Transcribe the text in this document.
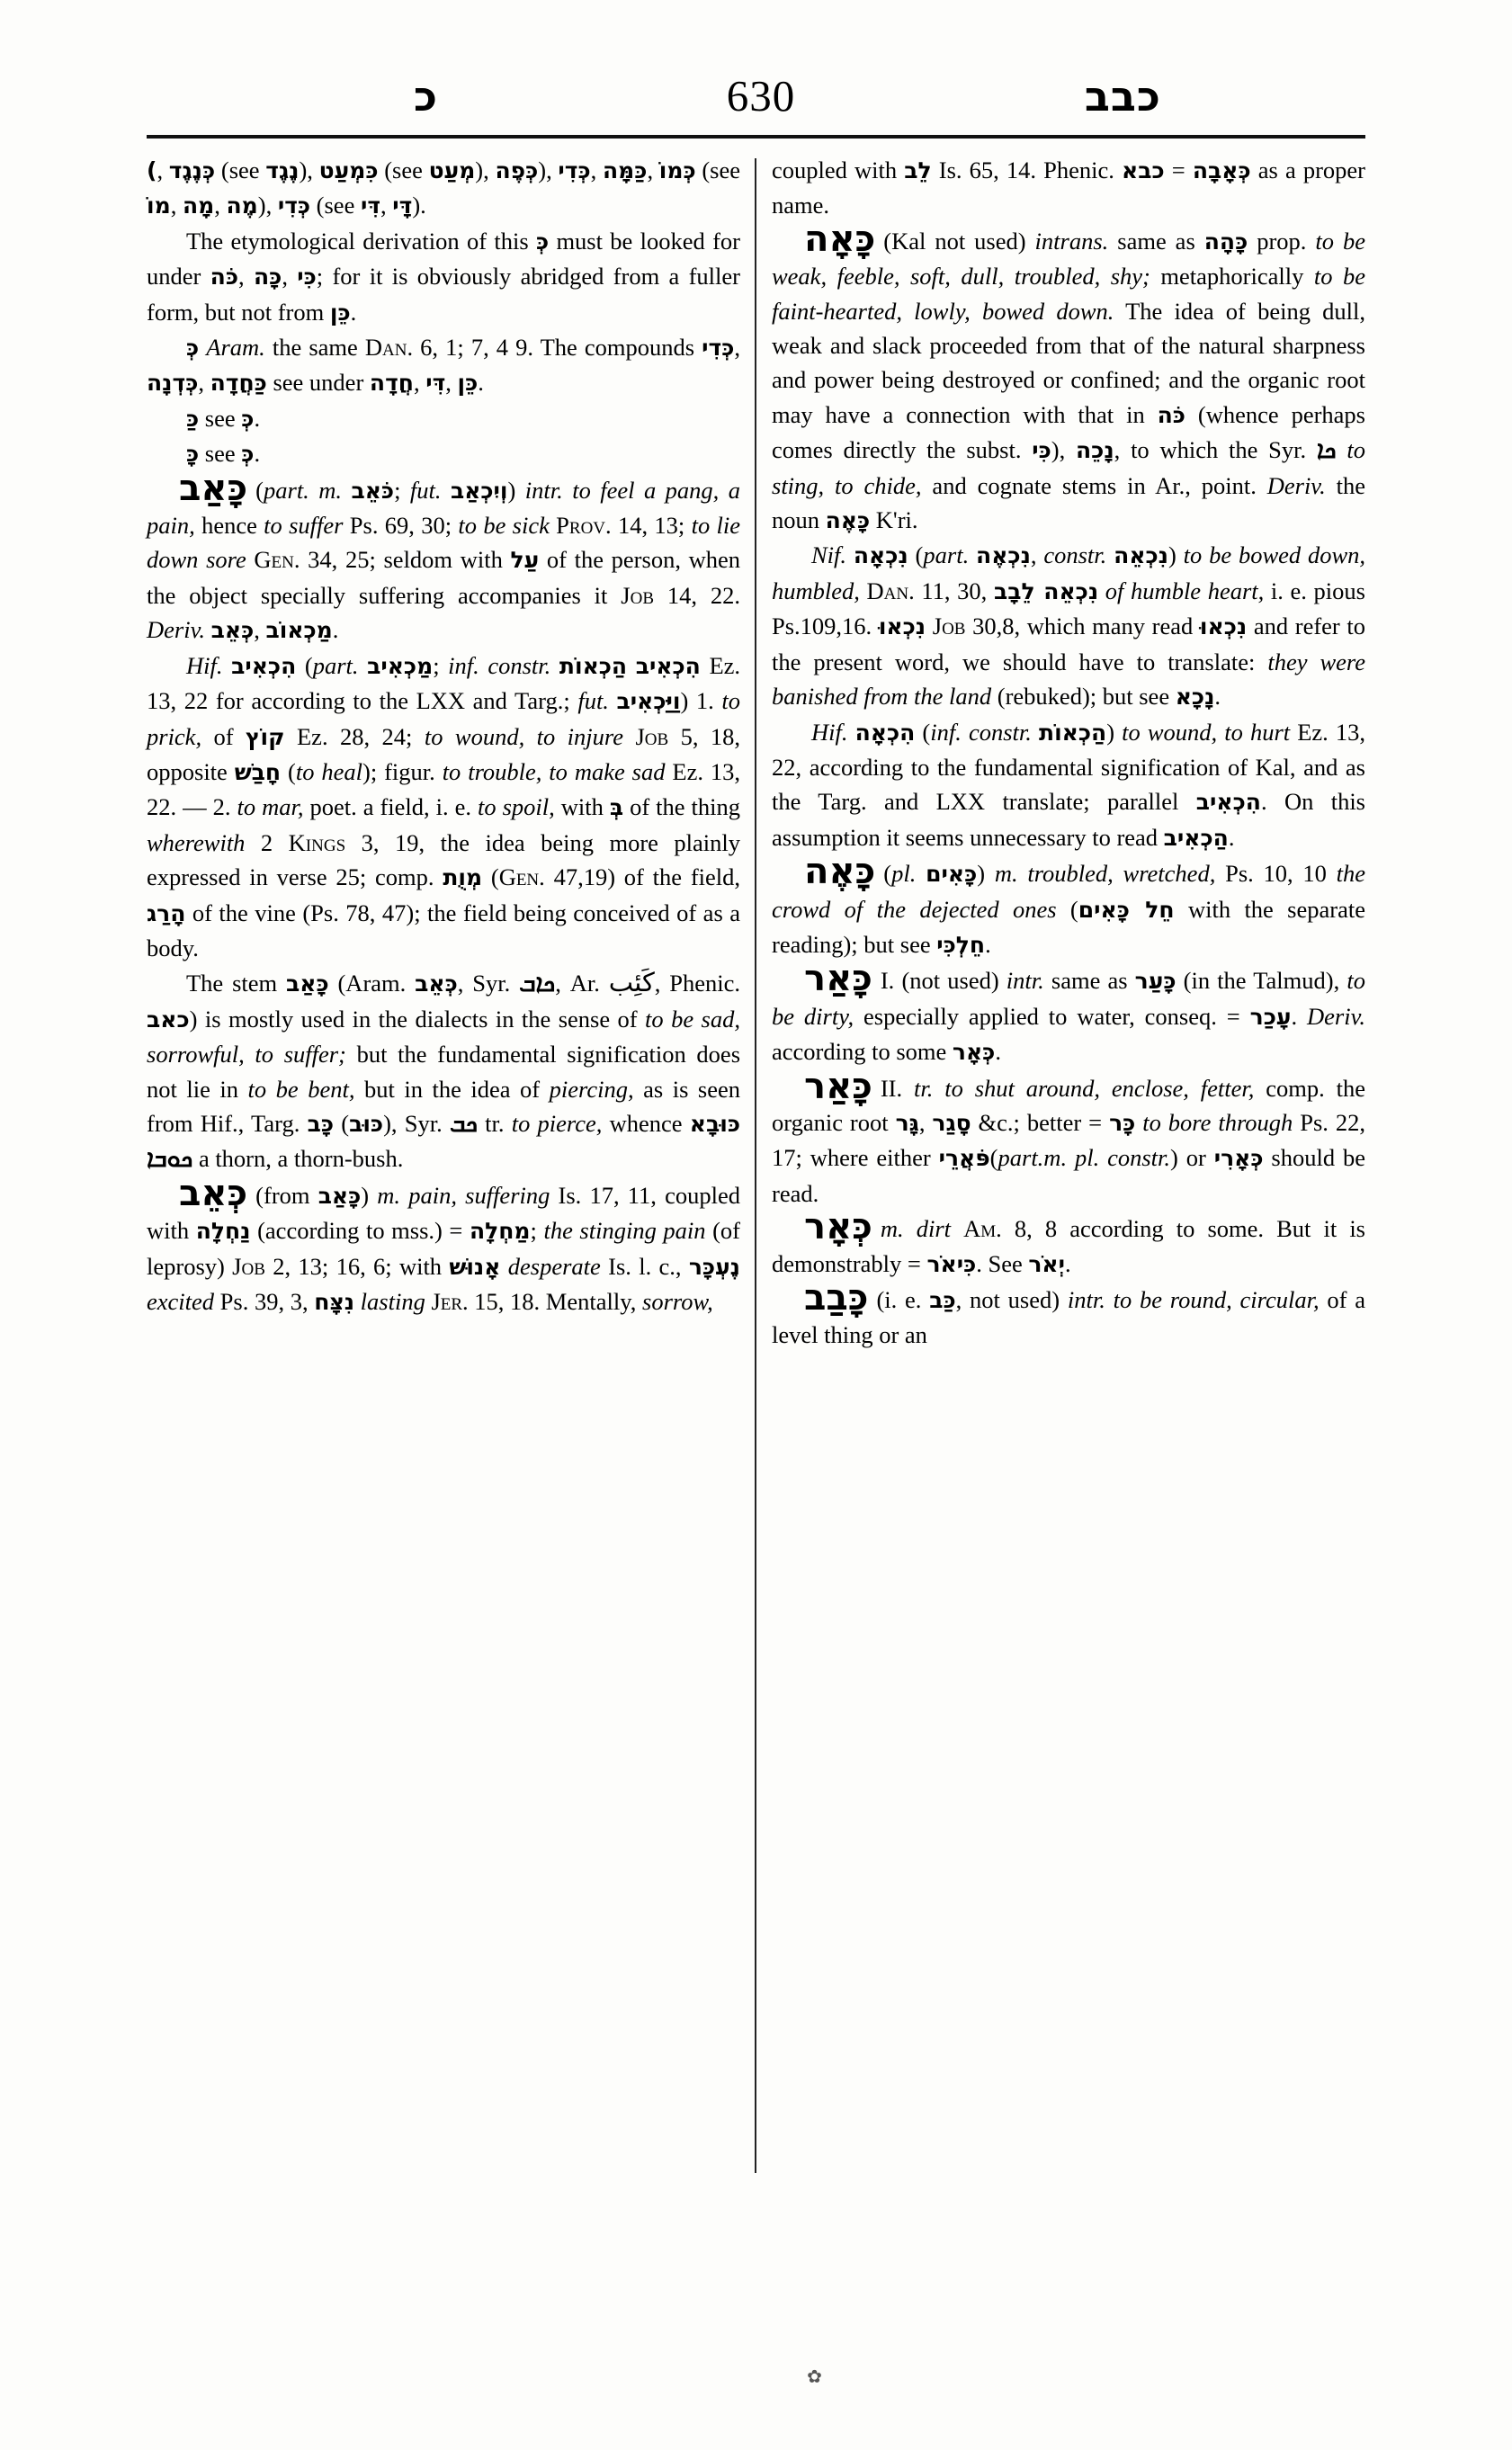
כ	630	כבב

), כְּנֶגֶד (see נֶגֶד), כִּמְעַט (see מְעַט), כְּפֶה), כְּדִי, כַּמָּה, כְּמוֹ (see מוֹ, מָה, מֶה), כְּדִי (see דִּי, דָּי).

The etymological derivation of this כְּ must be looked for under כֹּה, כָּה, כִּי; for it is obviously abridged from a fuller form, but not from כֵּן.

כְּ Aram. the same Dan. 6, 1; 7, 4 9. The compounds כְּדִי, כְּדְנָה, כַּחֲדָה see under חֲדָה, דִּי, כֵּן.

כַּ see כְּ.

כָּ see כְּ.

כָּאַב (part. m. כֹּאֵב; fut. וְיִכְאַב) intr. to feel a pang, a pain, hence to suffer Ps. 69, 30; to be sick Prov. 14, 13; to lie down sore Gen. 34, 25; seldom with עַל of the person, when the object specially suffering accompanies it Job 14, 22. Deriv. כְּאֵב, מַכְאוֹב.

Hif. הִכְאִיב (part. מַכְאִיב; inf. constr. הַכְאוֹת הִכְאִיב Ez. 13, 22 for according to the LXX and Targ.; fut. וַיַּכְאִיב) 1. to prick, of קוֹץ Ez. 28, 24; to wound, to injure Job 5, 18, opposite חָבַשׁ (to heal); figur. to trouble, to make sad Ez. 13, 22. — 2. to mar, poet. a field, i. e. to spoil, with בְּ of the thing wherewith 2 Kings 3, 19, the idea being more plainly expressed in verse 25; comp. מְוֻת (Gen. 47,19) of the field, הָרַג of the vine (Ps. 78, 47); the field being conceived of as a body.

The stem כָּאַב (Aram. כְּאֵב, Syr. ܟܐܒ, Ar. كَئِب, Phenic. כאב) is mostly used in the dialects in the sense of to be sad, sorrowful, to suffer; but the fundamental signification does not lie in to be bent, but in the idea of piercing, as is seen from Hif., Targ. כָּב (כּוּב), Syr. ܟܒ tr. to pierce, whence כּוּבָא ܟܘܒܐ a thorn, a thorn-bush.

כְּאֵב (from כָּאַב) m. pain, suffering Is. 17, 11, coupled with נַחְלָה (according to mss.) = מַחְלָה; the stinging pain (of leprosy) Job 2, 13; 16, 6; with אָנוּשׁ desperate Is. l. c., נֶעְכָּר excited Ps. 39, 3, נִצָּח lasting Jer. 15, 18. Mentally, sorrow,

coupled with לֵב Is. 65, 14. Phenic. כבא = כְּאָבָה as a proper name.

כָּאָה (Kal not used) intrans. same as כָּהָה prop. to be weak, feeble, soft, dull, troubled, shy; metaphorically to be faint-hearted, lowly, bowed down. The idea of being dull, weak and slack proceeded from that of the natural sharpness and power being destroyed or confined; and the organic root may have a connection with that in כֹּה (whence perhaps comes directly the subst. כִּי), נָכֵה, to which the Syr. ܟܐ to sting, to chide, and cognate stems in Ar., point. Deriv. the noun כָּאֶה K'ri.

Nif. נִכְאָה (part. נִכְאֶה, constr. נִכְאֵה) to be bowed down, humbled, Dan. 11, 30, נִכְאֵה לֵבָב of humble heart, i. e. pious Ps.109,16. נִכְאוּ Job 30,8, which many read נִכְאוּ and refer to the present word, we should have to translate: they were banished from the land (rebuked); but see נָכָא.

Hif. הִכְאָה (inf. constr. הַכְאוֹת) to wound, to hurt Ez. 13, 22, according to the fundamental signification of Kal, and as the Targ. and LXX translate; parallel הִכְאִיב. On this assumption it seems unnecessary to read הַכְאִיב.

כָּאֶה (pl. כָּאִים) m. troubled, wretched, Ps. 10, 10 the crowd of the dejected ones (חֵל כָּאִים with the separate reading); but see חֵלְכִּי.

כָּאַר I. (not used) intr. same as כָּעַר (in the Talmud), to be dirty, especially applied to water, conseq. = עָכַר. Deriv. according to some כְּאָר.

כָּאַר II. tr. to shut around, enclose, fetter, comp. the organic root גָּר, סָגַר &c.; better = כָּר to bore through Ps. 22, 17; where either פֹּאֲרֵי(part.m. pl. constr.) or כְּאָרִי should be read.

כְּאָר m. dirt Am. 8, 8 according to some. But it is demonstrably = כִּיאֹר. See יְאֹר.

כָּבַב (i. e. כַּב, not used) intr. to be round, circular, of a level thing or an

✿
